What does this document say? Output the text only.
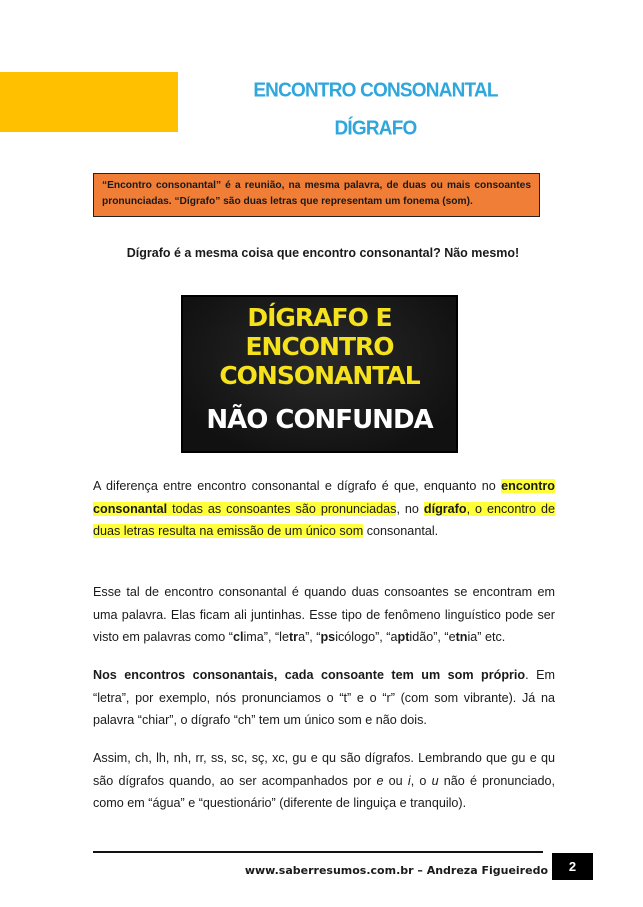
ENCONTRO CONSONANTAL
DÍGRAFO
“Encontro consonantal” é a reunião, na mesma palavra, de duas ou mais consoantes pronunciadas. “Dígrafo” são duas letras que representam um fonema (som).
Dígrafo é a mesma coisa que encontro consonantal? Não mesmo!
DÍGRAFO E
ENCONTRO
CONSONANTAL
NÃO CONFUNDA
A diferença entre encontro consonantal e dígrafo é que, enquanto no encontro consonantal todas as consoantes são pronunciadas, no dígrafo, o encontro de duas letras resulta na emissão de um único som consonantal.
Esse tal de encontro consonantal é quando duas consoantes se encontram em uma palavra. Elas ficam ali juntinhas. Esse tipo de fenômeno linguístico pode ser visto em palavras como “clima”, “letra”, “psicólogo”, “aptidão”, “etnia” etc.
Nos encontros consonantais, cada consoante tem um som próprio. Em “letra”, por exemplo, nós pronunciamos o “t” e o “r” (com som vibrante). Já na palavra “chiar”, o dígrafo “ch” tem um único som e não dois.
Assim, ch, lh, nh, rr, ss, sc, sç, xc, gu e qu são dígrafos. Lembrando que gu e qu são dígrafos quando, ao ser acompanhados por e ou i, o u não é pronunciado, como em “água” e “questionário” (diferente de linguiça e tranquilo).
www.saberresumos.com.br – Andreza Figueiredo	2
